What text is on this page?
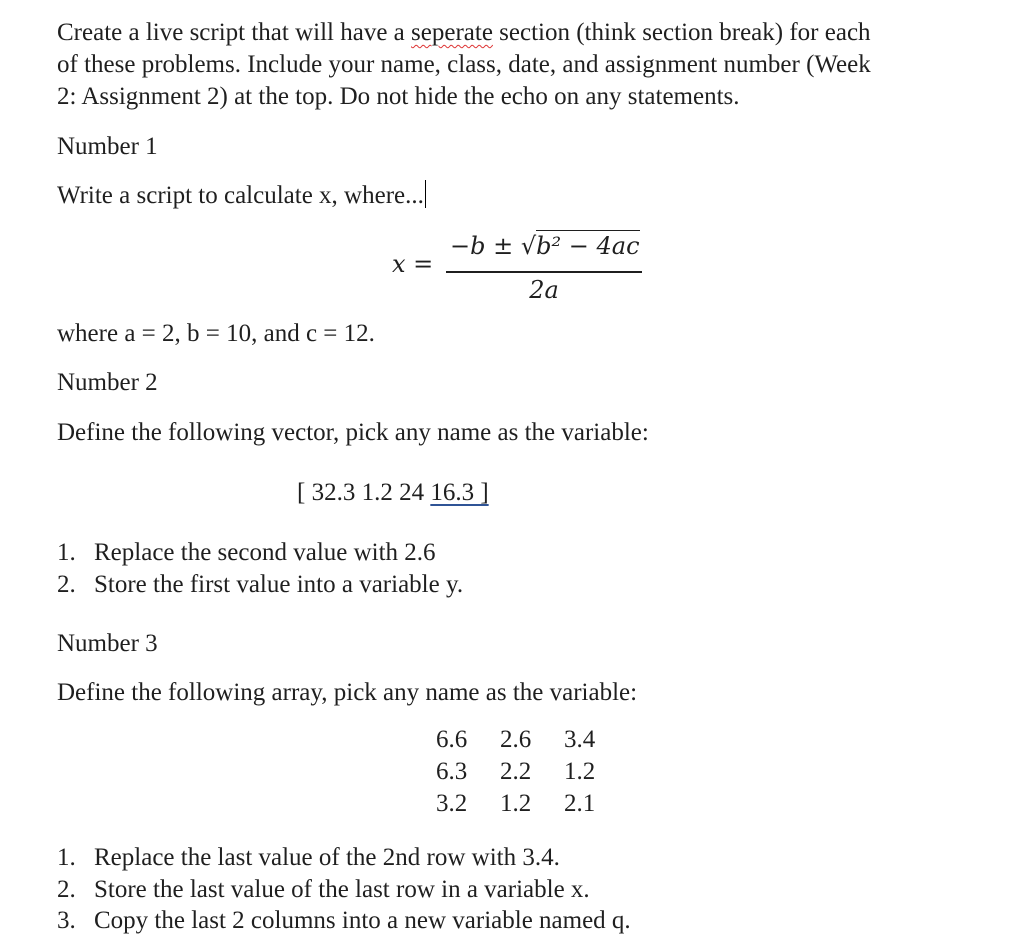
Create a live script that will have a seperate section (think section break) for each
of these problems. Include your name, class, date, and assignment number (Week
2: Assignment 2) at the top. Do not hide the echo on any statements.

Number 1

Write a script to calculate x, where...

x =
−b ± √b² − 4ac
2a

where a = 2, b = 10, and c = 12.

Number 2

Define the following vector, pick any name as the variable:

[ 32.3 1.2 24 16.3 ]
1. Replace the second value with 2.6
2. Store the first value into a variable y.

Number 3

Define the following array, pick any name as the variable:

6.6	2.6	3.4
6.3	2.2	1.2
3.2	1.2	2.1
1. Replace the last value of the 2nd row with 3.4.
2. Store the last value of the last row in a variable x.
3. Copy the last 2 columns into a new variable named q.
